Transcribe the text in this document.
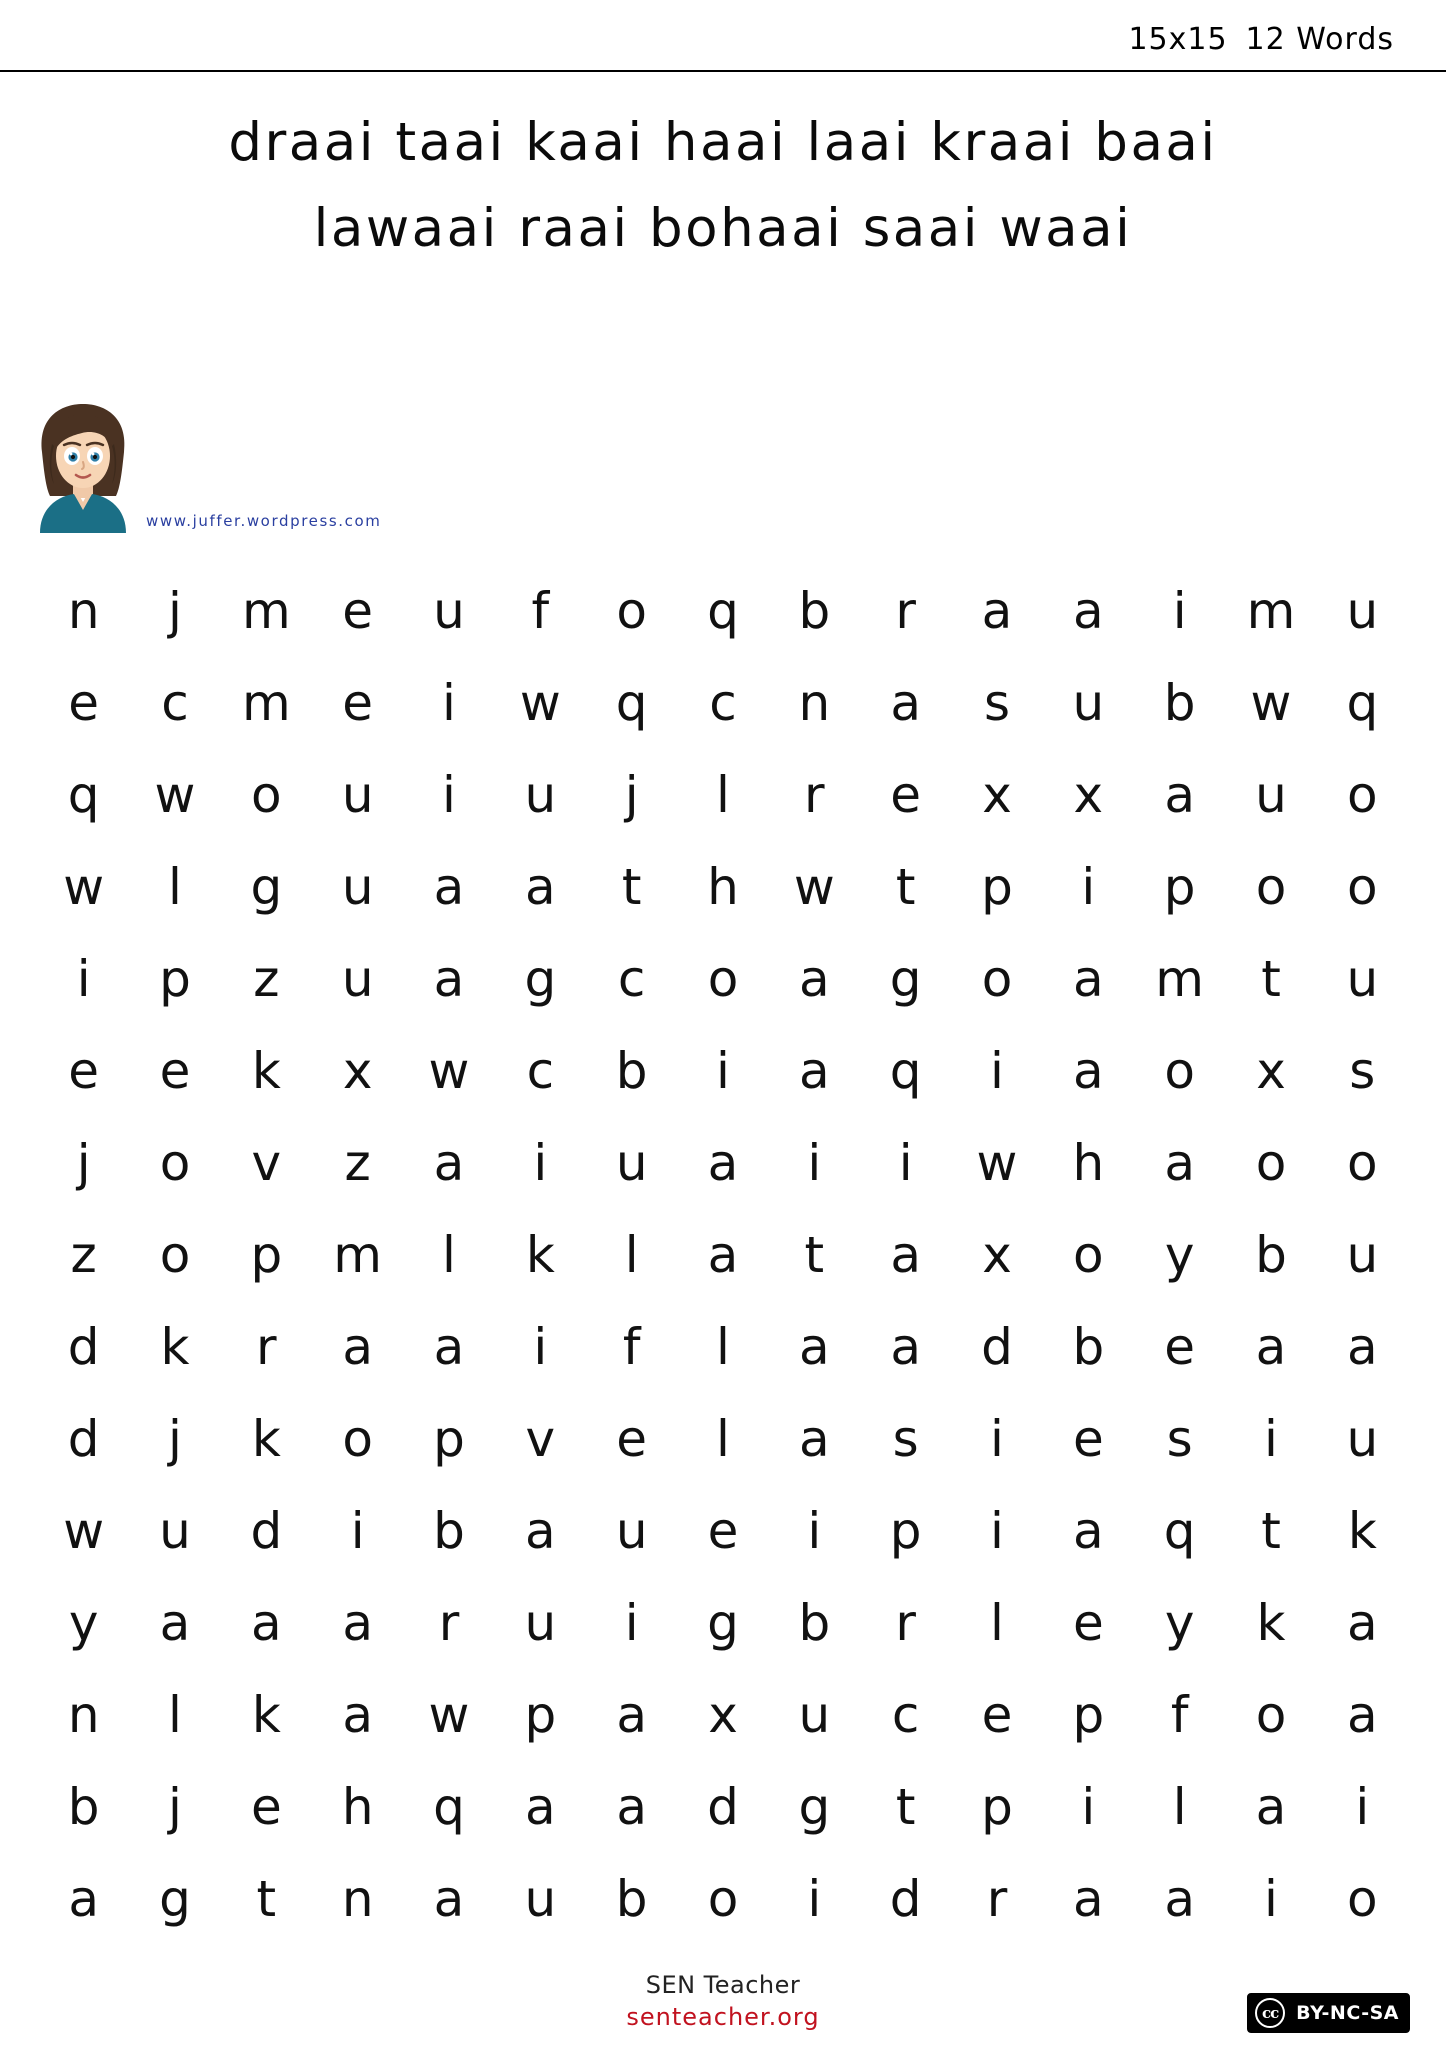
15x15 12 Words
draai taai kaai haai laai kraai baai
lawaai raai bohaai saai waai
www.juffer.wordpress.com
n	j	m	e	u	f	o	q	b	r	a	a	i	m	u
e	c	m	e	i	w	q	c	n	a	s	u	b	w	q
q	w	o	u	i	u	j	l	r	e	x	x	a	u	o
w	l	g	u	a	a	t	h	w	t	p	i	p	o	o
i	p	z	u	a	g	c	o	a	g	o	a	m	t	u
e	e	k	x	w	c	b	i	a	q	i	a	o	x	s
j	o	v	z	a	i	u	a	i	i	w	h	a	o	o
z	o	p	m	l	k	l	a	t	a	x	o	y	b	u
d	k	r	a	a	i	f	l	a	a	d	b	e	a	a
d	j	k	o	p	v	e	l	a	s	i	e	s	i	u
w	u	d	i	b	a	u	e	i	p	i	a	q	t	k
y	a	a	a	r	u	i	g	b	r	l	e	y	k	a
n	l	k	a	w	p	a	x	u	c	e	p	f	o	a
b	j	e	h	q	a	a	d	g	t	p	i	l	a	i
a	g	t	n	a	u	b	o	i	d	r	a	a	i	o
SEN Teacher
senteacher.org	cc BY-NC-SA
